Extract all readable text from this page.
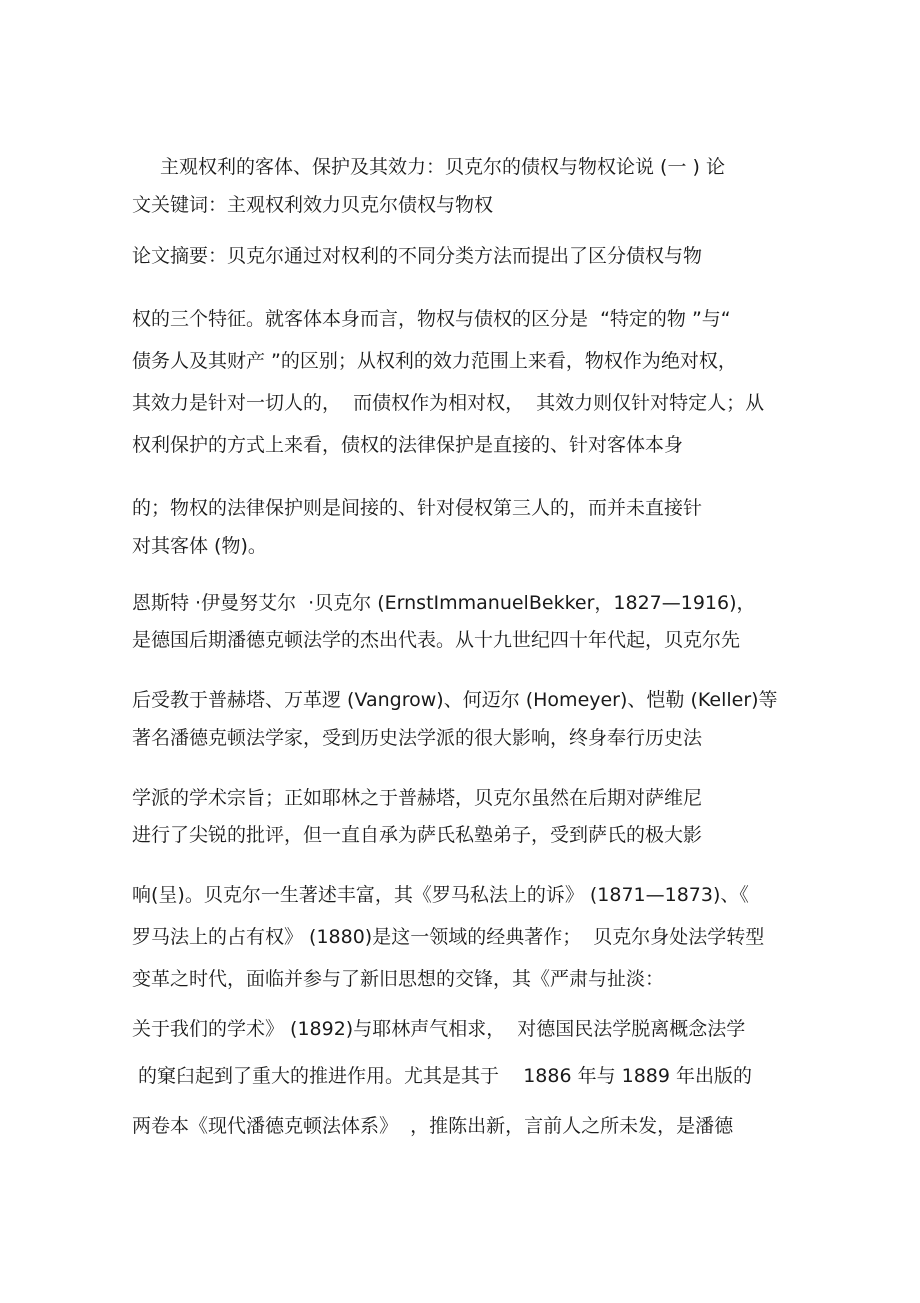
主观权利的客体、保护及其效力：贝克尔的债权与物权论说 (一 ) 论

文关键词：主观权利效力贝克尔债权与物权

论文摘要：贝克尔通过对权利的不同分类方法而提出了区分债权与物

权的三个特征。就客体本身而言，物权与债权的区分是  “特定的物 ”与“

债务人及其财产 ”的区别；从权利的效力范围上来看，物权作为绝对权，

其效力是针对一切人的，  而债权作为相对权，  其效力则仅针对特定人；从

权利保护的方式上来看，债权的法律保护是直接的、针对客体本身

的；物权的法律保护则是间接的、针对侵权第三人的，而并未直接针

对其客体 (物)。

恩斯特 ·伊曼努艾尔  ·贝克尔 (ErnstImmanuelBekker，1827—1916)，

是德国后期潘德克顿法学的杰出代表。从十九世纪四十年代起，贝克尔先

后受教于普赫塔、万革逻 (Vangrow)、何迈尔 (Homeyer)、恺勒 (Keller)等

著名潘德克顿法学家，受到历史法学派的很大影响，终身奉行历史法

学派的学术宗旨；正如耶林之于普赫塔，贝克尔虽然在后期对萨维尼

进行了尖锐的批评，但一直自承为萨氏私塾弟子，受到萨氏的极大影

响(呈)。贝克尔一生著述丰富，其《罗马私法上的诉》 (1871—1873)、《

罗马法上的占有权》 (1880)是这一领域的经典著作；  贝克尔身处法学转型

变革之时代，面临并参与了新旧思想的交锋，其《严肃与扯淡：

关于我们的学术》 (1892)与耶林声气相求，  对德国民法学脱离概念法学

的窠臼起到了重大的推进作用。尤其是其于    1886 年与 1889 年出版的

两卷本《现代潘德克顿法体系》  ，推陈出新，言前人之所未发，是潘德
